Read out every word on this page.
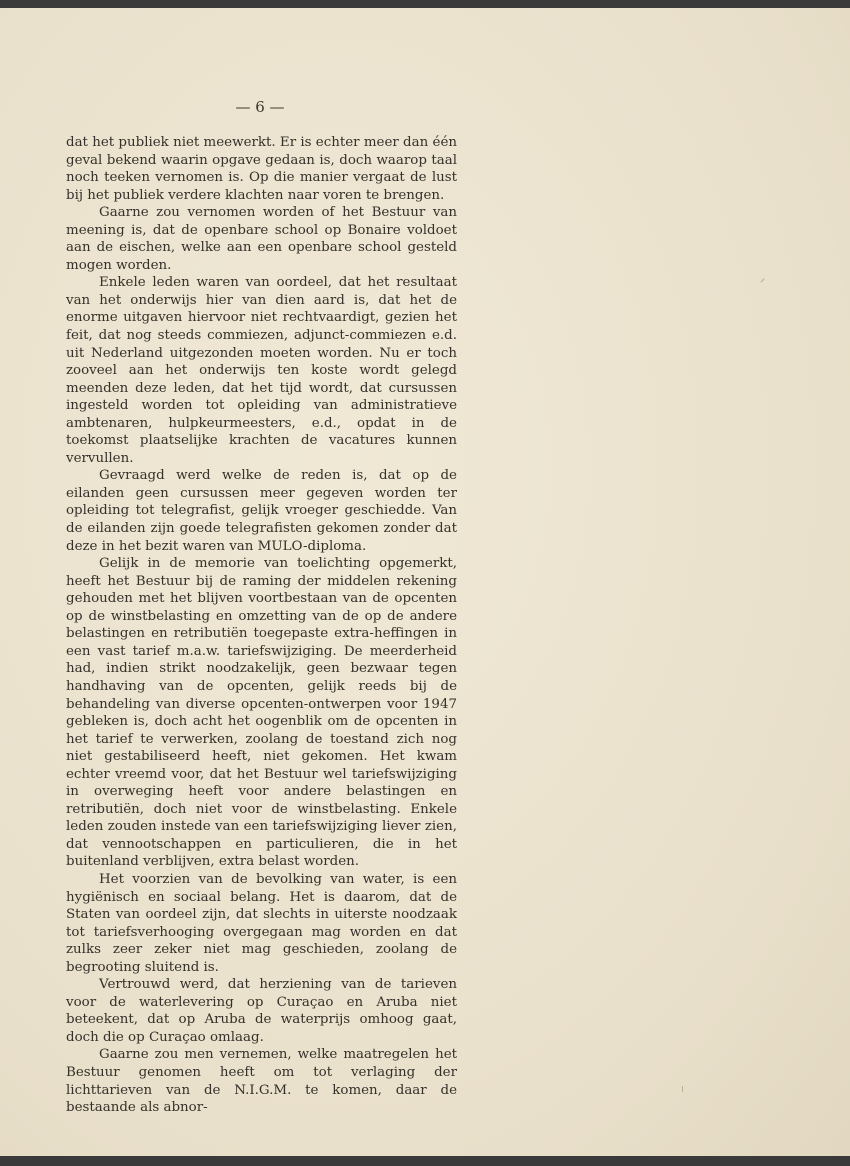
— 6 —

dat het publiek niet meewerkt. Er is echter meer dan één geval bekend waarin opgave gedaan is, doch waarop taal noch teeken vernomen is. Op die manier vergaat de lust bij het publiek verdere klachten naar voren te brengen.

Gaarne zou vernomen worden of het Bestuur van meening is, dat de openbare school op Bonaire voldoet aan de eischen, welke aan een openbare school gesteld mogen worden.

Enkele leden waren van oordeel, dat het resultaat van het onderwijs hier van dien aard is, dat het de enorme uitgaven hiervoor niet rechtvaardigt, gezien het feit, dat nog steeds commiezen, adjunct-commiezen e.d. uit Nederland uitgezonden moeten worden. Nu er toch zooveel aan het onderwijs ten koste wordt gelegd meenden deze leden, dat het tijd wordt, dat cursussen ingesteld worden tot opleiding van administratieve ambtenaren, hulpkeurmeesters, e.d., opdat in de toekomst plaatselijke krachten de vacatures kunnen vervullen.

Gevraagd werd welke de reden is, dat op de eilanden geen cursussen meer gegeven worden ter opleiding tot telegrafist, gelijk vroeger geschiedde. Van de eilanden zijn goede telegrafisten gekomen zonder dat deze in het bezit waren van MULO-diploma.

Gelijk in de memorie van toelichting opgemerkt, heeft het Bestuur bij de raming der middelen rekening gehouden met het blijven voortbestaan van de opcenten op de winstbelasting en omzetting van de op de andere belastingen en retributiën toegepaste extra-heffingen in een vast tarief m.a.w. tariefswijziging. De meerderheid had, indien strikt noodzakelijk, geen bezwaar tegen handhaving van de opcenten, gelijk reeds bij de behandeling van diverse opcenten-ontwerpen voor 1947 gebleken is, doch acht het oogenblik om de opcenten in het tarief te verwerken, zoolang de toestand zich nog niet gestabiliseerd heeft, niet gekomen. Het kwam echter vreemd voor, dat het Bestuur wel tariefswijziging in overweging heeft voor andere belastingen en retributiën, doch niet voor de winstbelasting. Enkele leden zouden instede van een tariefswijziging liever zien, dat vennootschappen en particulieren, die in het buitenland verblijven, extra belast worden.

Het voorzien van de bevolking van water, is een hygiënisch en sociaal belang. Het is daarom, dat de Staten van oordeel zijn, dat slechts in uiterste noodzaak tot tariefsverhooging overgegaan mag worden en dat zulks zeer zeker niet mag geschieden, zoolang de begrooting sluitend is.

Vertrouwd werd, dat herziening van de tarieven voor de waterlevering op Curaçao en Aruba niet beteekent, dat op Aruba de waterprijs omhoog gaat, doch die op Curaçao omlaag.

Gaarne zou men vernemen, welke maatregelen het Bestuur genomen heeft om tot verlaging der lichttarieven van de N.I.G.M. te komen, daar de bestaande als abnor-
